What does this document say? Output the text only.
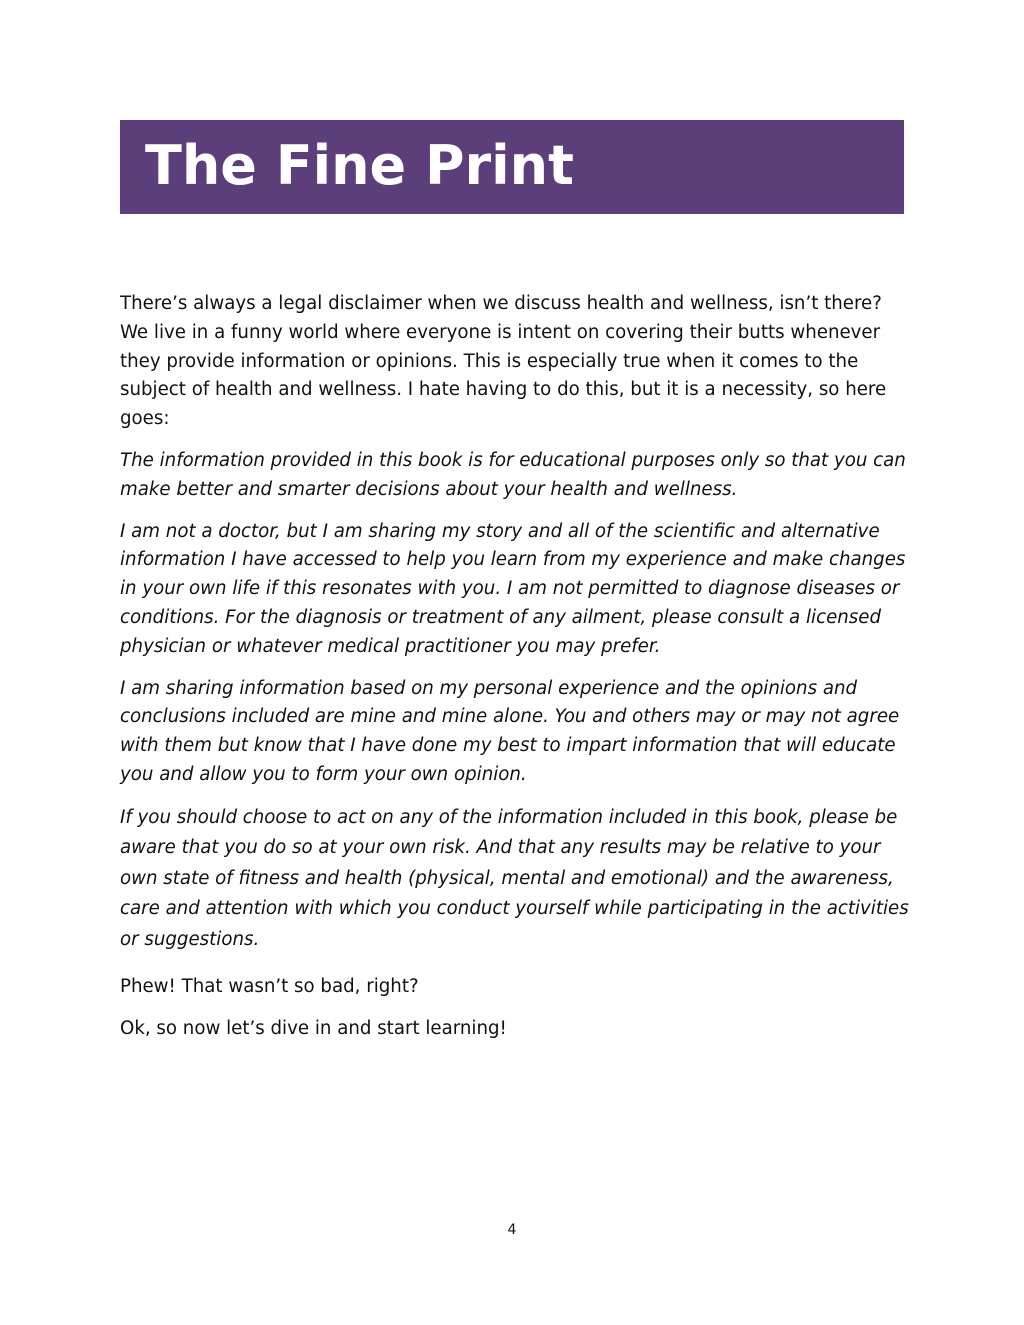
The Fine Print

There’s always a legal disclaimer when we discuss health and wellness, isn’t there? We live in a funny world where everyone is intent on covering their butts whenever they provide information or opinions. This is especially true when it comes to the subject of health and wellness. I hate having to do this, but it is a necessity, so here goes:

The information provided in this book is for educational purposes only so that you can make better and smarter decisions about your health and wellness.

I am not a doctor, but I am sharing my story and all of the scientific and alternative information I have accessed to help you learn from my experience and make changes in your own life if this resonates with you. I am not permitted to diagnose diseases or conditions. For the diagnosis or treatment of any ailment, please consult a licensed physician or whatever medical practitioner you may prefer.

I am sharing information based on my personal experience and the opinions and conclusions included are mine and mine alone. You and others may or may not agree with them but know that I have done my best to impart information that will educate you and allow you to form your own opinion.

If you should choose to act on any of the information included in this book, please be aware that you do so at your own risk. And that any results may be relative to your own state of fitness and health (physical, mental and emotional) and the awareness, care and attention with which you conduct yourself while participating in the activities or suggestions.

Phew! That wasn’t so bad, right?

Ok, so now let’s dive in and start learning!

4
